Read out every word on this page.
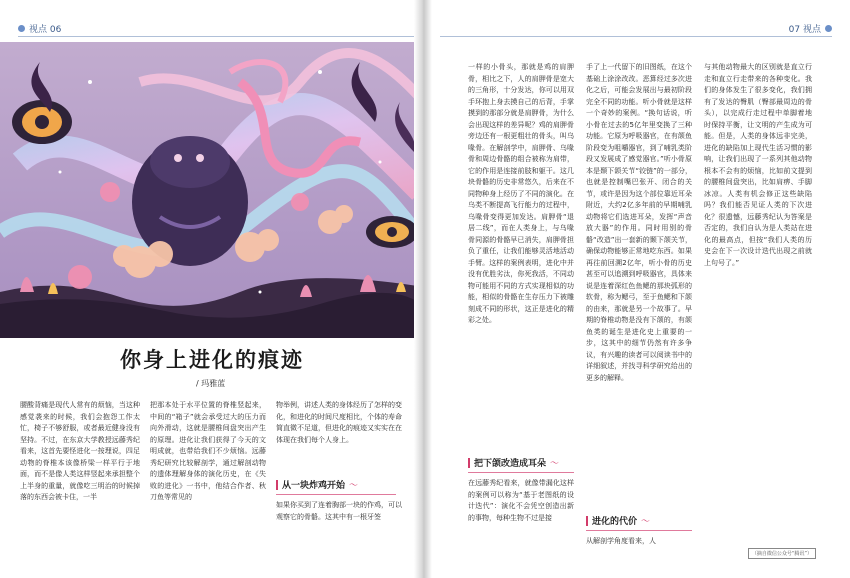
视点 06	07 视点
你身上进化的痕迹
/ 玛雅蓝
腰酸背痛是现代人常有的烦恼，当这种感觉袭来的时候，我们会抱怨工作太忙，椅子不够舒服，或者最近健身没有坚持。不过，在东京大学教授远藤秀纪看来，这首先要怪进化一按理说，四足动物的脊椎本该像桥梁一样平行于地面，而不是像人类这样竖起来承担整个上半身的重量，就像吃三明治的时候掉落的东西会被卡住，一半
把那本处于水平位置的脊椎竖起来，中间的“箱子”就会承受过大的压力而向外滑动，这就是腰椎间盘突出产生的原理。进化让我们获得了今天的文明成就，也带给我们不少烦恼。远藤秀纪研究比较解剖学，通过解剖动物的遗体理解身体的演化历史，在《失败的进化》一书中，他结合作者、秋刀鱼等常见的
物举例，讲述人类的身体经历了怎样的变化，和进化的时间尺度相比，个体的寿命简直微不足道，但进化的痕迹又实实在在体现在我们每个人身上。
从一块炸鸡开始 〜
如果你买到了连着胸部一块的作鸡，可以观察它的骨骼。这其中有一根牙签
一样的小骨头，那就是鸡的肩胛骨，相比之下，人的肩胛骨是宽大的三角形，十分发达，你可以用双手环抱上身去摸自己的后背，手掌摸到的那部分就是肩胛骨，为什么会出现这样的差异呢？鸡的肩胛骨旁边还有一根更粗壮的骨头，叫乌喙骨。在解剖学中，肩胛骨、乌喙骨和周边骨骼的组合被称为肩带，它的作用是连接前肢和躯干。这几块骨骼的历史非常悠久，后来在不同物种身上经历了不同的演化。在乌类不断提高飞行能力的过程中，乌喙骨变得更加发达。肩胛骨“退居二线”，而在人类身上，与乌喙骨同源的骨骼早已消失，肩胛骨担负了重任，让我们能够灵活地活动手臂。这样的案例表明，进化中并没有优胜劣汰，你死我活，不同动物可能用不同的方式实现相似的功能，相似的骨骼在生存压力下被雕刻成不同的形状，这正是进化的精彩之处。
把下颌改造成耳朵 〜
在远藤秀纪看来，就像带漏化这样的案例可以称为“基于老图纸的设计迭代”：演化不会凭空创造出新的事物，每种生物不过是接
手了上一代留下的旧图纸，在这个基础上涂涂改改。恶算经过多次进化之后，可能会发展出与最初阶段完全不同的功能。听小骨就是这样一个奇妙的案例。“换句话说，听小骨在过去的5亿年里变换了三种功能。它原为呼吸器官，在有颌鱼阶段变为咀嚼器官，到了哺乳类阶段又发展成了感觉器官。”听小骨原本是颞下颌关节“铰链”的一部分，也就是控制嘴巴张开、闭合的关节，或许是因为这个部位靠近耳朵附近，大约2亿多年前的早期哺乳动物将它们选进耳朵，发挥“声音放大器”的作用。同时用别的骨骼“改造”出一套新的颞下颌关节，确保动物能够正常地吃东西。如果再往前回溯2亿年，听小骨的历史甚至可以追溯到呼吸器官，具体来说是连着深红色鱼鳃的那块弧形的软骨，称为鳃弓，至于鱼鳃和下颌的由来，那就是另一个故事了。早期的脊椎动物是没有下颌的，有颌鱼类的诞生是进化史上重要的一步，这其中的细节仍然有许多争议，有兴趣的读者可以阅读书中的详细叙述，并找寻科学研究给出的更多的解释。
进化的代价 〜
从解剖学角度看来，人
与其他动物最大的区别就是直立行走和直立行走带来的各种变化。我们的身体发生了很多变化，我们拥有了发达的臀肌（臀部最周边的骨头），以完成行走过程中单脚着地时保持平衡，让文明的产生成为可能。但是，人类的身体远非完美，进化的缺陷加上现代生活习惯的影响，让我们出现了一系列其他动物根本不会有的烦恼，比如前文提到的腰椎间盘突出，比如肩痹、手脚冰凉。人类有机会修正这些缺陷吗？我们能否见证人类的下次进化？很遗憾，远藤秀纪认为答案是否定的，我们自认为是人类站在进化的最高点，但按“我们人类的历史会在下一次设计迭代出现之前就上句号了。”
（摘自微信公众号“腾讯”）
